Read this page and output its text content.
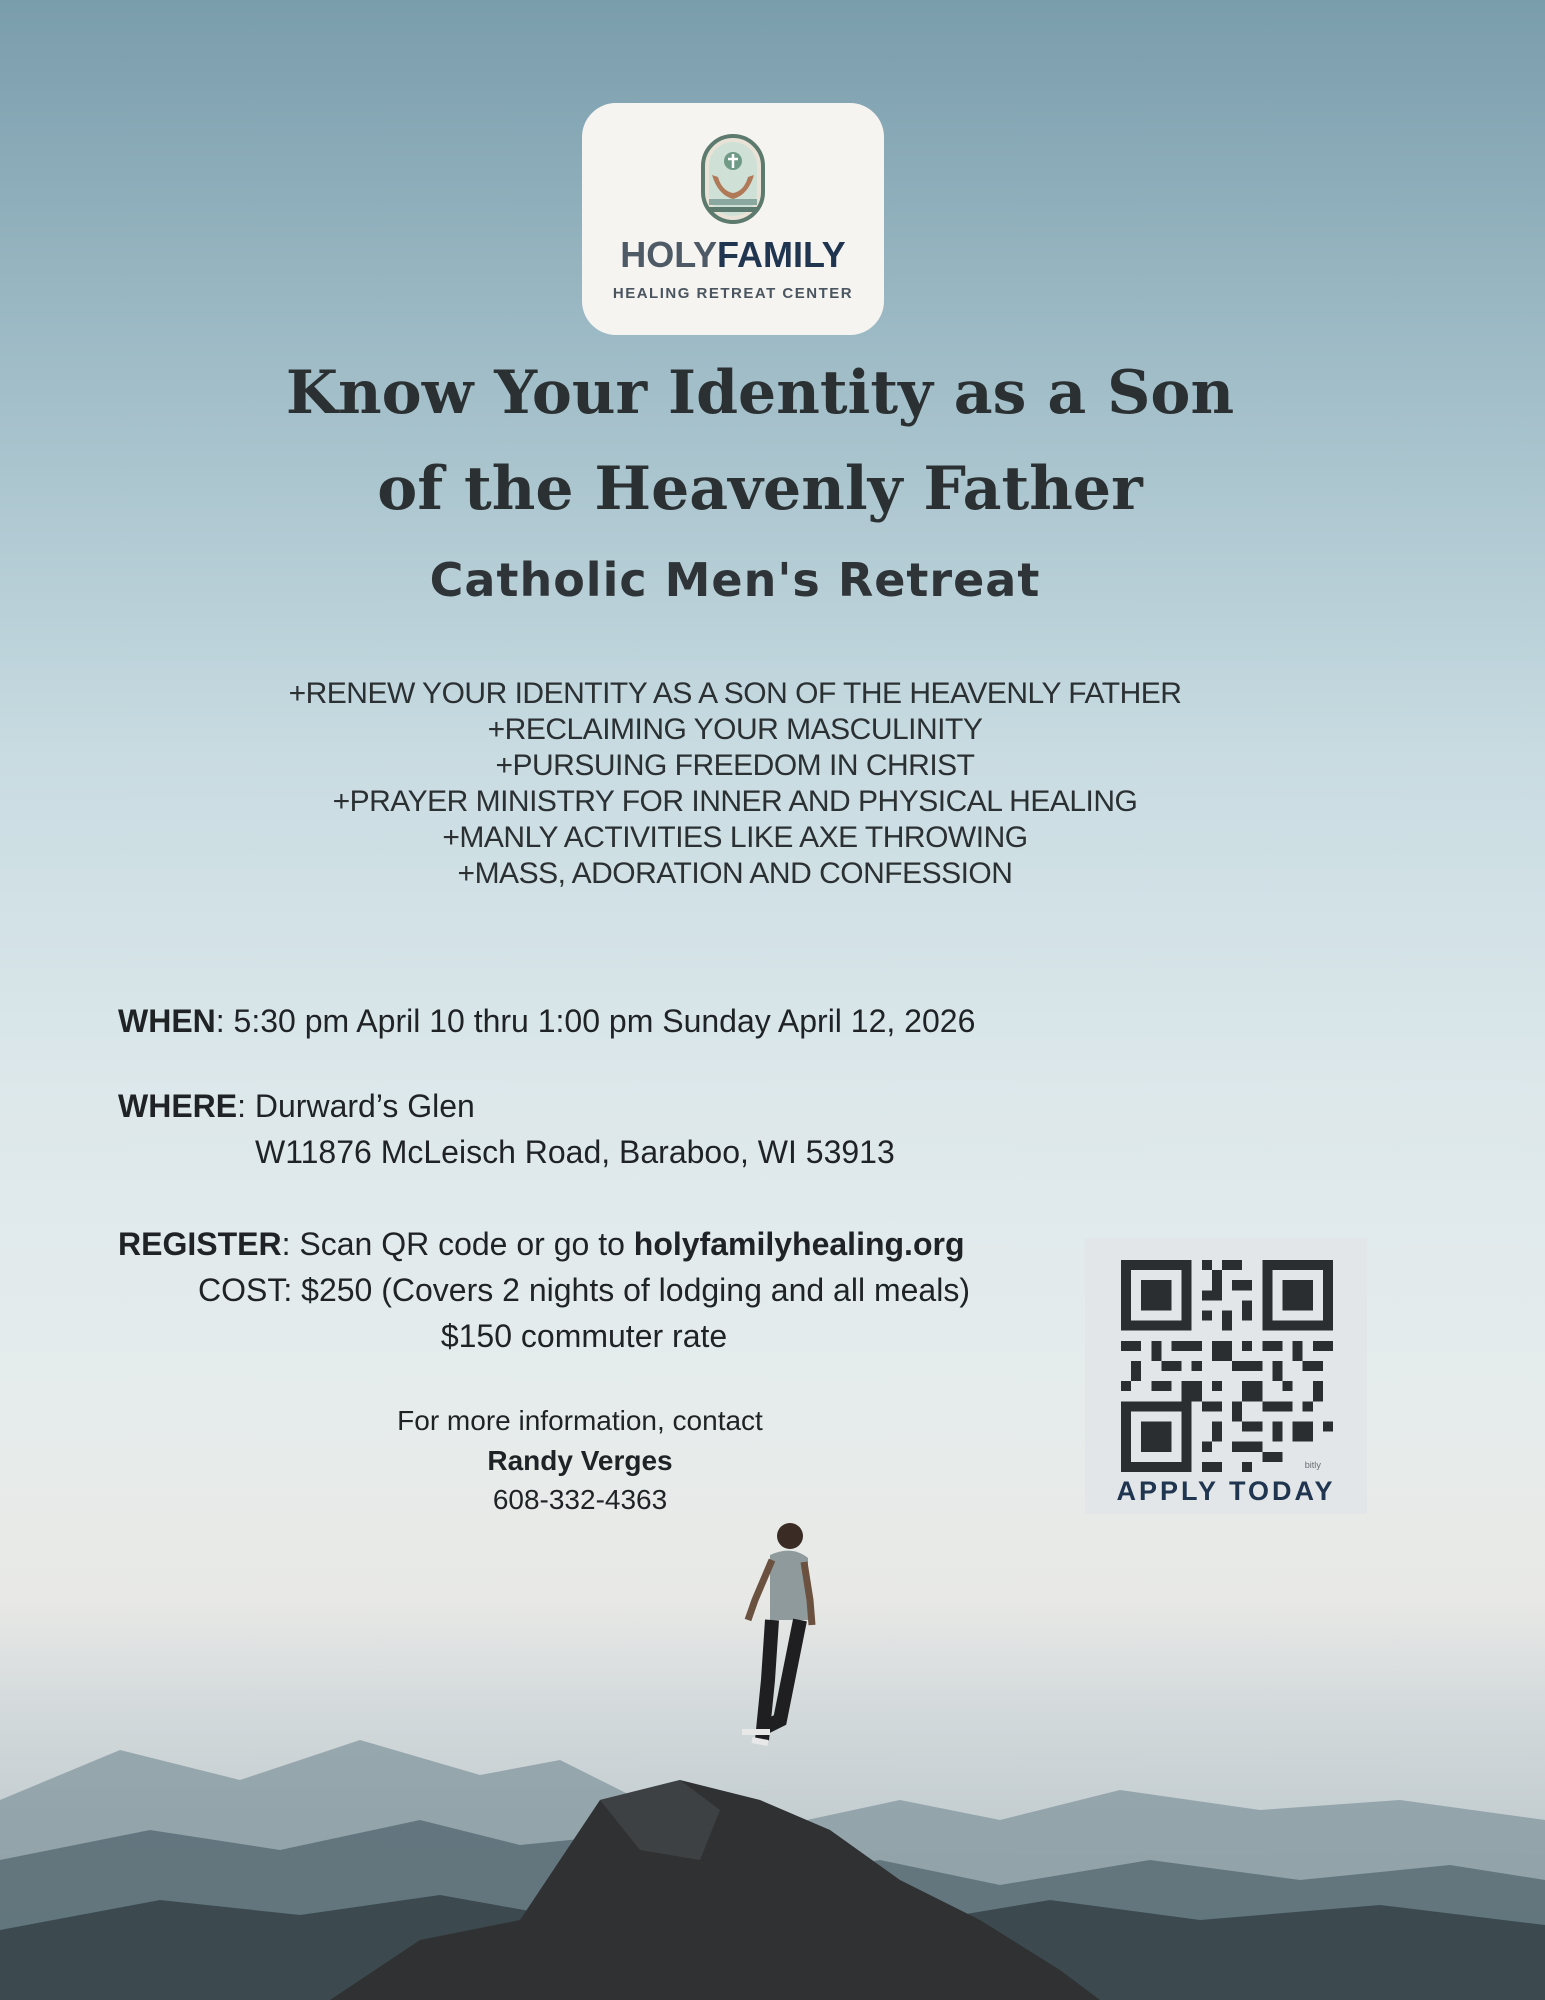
HOLYFAMILY
HEALING RETREAT CENTER
Know Your Identity as a Son
of the Heavenly Father
Catholic Men's Retreat
+RENEW YOUR IDENTITY AS A SON OF THE HEAVENLY FATHER
+RECLAIMING YOUR MASCULINITY
+PURSUING FREEDOM IN CHRIST
+PRAYER MINISTRY FOR INNER AND PHYSICAL HEALING
+MANLY ACTIVITIES LIKE AXE THROWING
+MASS, ADORATION AND CONFESSION
WHEN: 5:30 pm April 10 thru 1:00 pm Sunday April 12, 2026
WHERE: Durward’s Glen
W11876 McLeisch Road, Baraboo, WI 53913
REGISTER: Scan QR code or go to holyfamilyhealing.org
COST: $250 (Covers 2 nights of lodging and all meals)
$150 commuter rate
For more information, contact
Randy Verges
608-332-4363	APPLY TODAY
